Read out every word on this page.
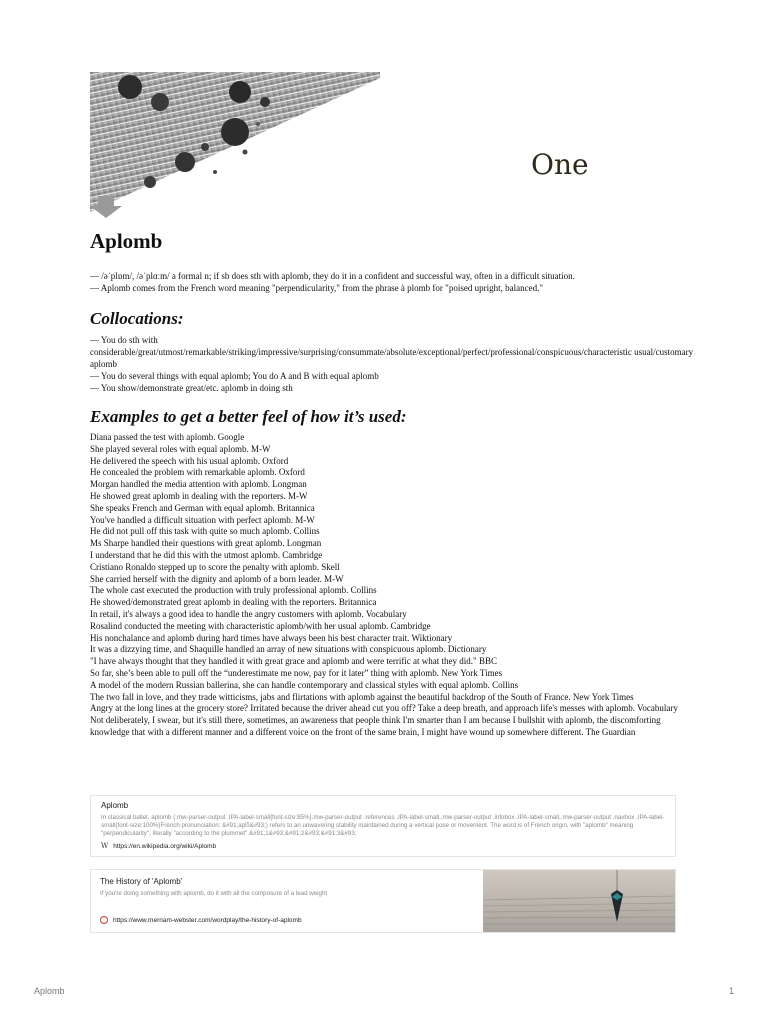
One
Aplomb
— /əˈplɒm/, /əˈplɑːm/ a formal n; if sb does sth with aplomb, they do it in a confident and successful way, often in a difficult situation.
— Aplomb comes from the French word meaning "perpendicularity," from the phrase à plomb for "poised upright, balanced."
Collocations:
— You do sth with considerable/great/utmost/remarkable/striking/impressive/surprising/consummate/absolute/exceptional/perfect/professional/conspicuous/characteristic usual/customary aplomb
— You do several things with equal aplomb; You do A and B with equal aplomb
— You show/demonstrate great/etc. aplomb in doing sth
Examples to get a better feel of how it’s used:
Diana passed the test with aplomb. Google
She played several roles with equal aplomb. M-W
He delivered the speech with his usual aplomb. Oxford
He concealed the problem with remarkable aplomb. Oxford
Morgan handled the media attention with aplomb. Longman
He showed great aplomb in dealing with the reporters. M-W
She speaks French and German with equal aplomb. Britannica
You've handled a difficult situation with perfect aplomb. M-W
He did not pull off this task with quite so much aplomb. Collins
Ms Sharpe handled their questions with great aplomb. Longman
I understand that he did this with the utmost aplomb. Cambridge
Cristiano Ronaldo stepped up to score the penalty with aplomb. Skell
She carried herself with the dignity and aplomb of a born leader. M-W
The whole cast executed the production with truly professional aplomb. Collins
He showed/demonstrated great aplomb in dealing with the reporters. Britannica
In retail, it's always a good idea to handle the angry customers with aplomb. Vocabulary
Rosalind conducted the meeting with characteristic aplomb/with her usual aplomb. Cambridge
His nonchalance and aplomb during hard times have always been his best character trait. Wiktionary
It was a dizzying time, and Shaquille handled an array of new situations with conspicuous aplomb. Dictionary
"I have always thought that they handled it with great grace and aplomb and were terrific at what they did." BBC
So far, she’s been able to pull off the “underestimate me now, pay for it later” thing with aplomb. New York Times
A model of the modern Russian ballerina, she can handle contemporary and classical styles with equal aplomb. Collins
The two fall in love, and they trade witticisms, jabs and flirtations with aplomb against the beautiful backdrop of the South of France. New York Times
Angry at the long lines at the grocery store? Irritated because the driver ahead cut you off? Take a deep breath, and approach life's messes with aplomb. Vocabulary
Not deliberately, I swear, but it's still there, sometimes, an awareness that people think I'm smarter than I am because I bullshit with aplomb, the discomforting knowledge that with a different manner and a different voice on the front of the same brain, I might have wound up somewhere different. The Guardian
Aplomb
In classical ballet, aplomb (.mw-parser-output .IPA-label-small{font-size:85%}.mw-parser-output .references .IPA-label-small,.mw-parser-output .infobox .IPA-label-small,.mw-parser-output .navbox .IPA-label-small{font-size:100%}French pronunciation: &#91;aplɔ̃&#93;) refers to an unwavering stability maintained during a vertical pose or movement. The word is of French origin, with "aplomb" meaning "perpendicularity", literally "according to the plummet".&#91;1&#93;&#91;2&#93;&#91;3&#93;
W https://en.wikipedia.org/wiki/Aplomb
The History of 'Aplomb'
If you're doing something with aplomb, do it with all the composure of a lead weight
https://www.merriam-webster.com/wordplay/the-history-of-aplomb
Aplomb	1
